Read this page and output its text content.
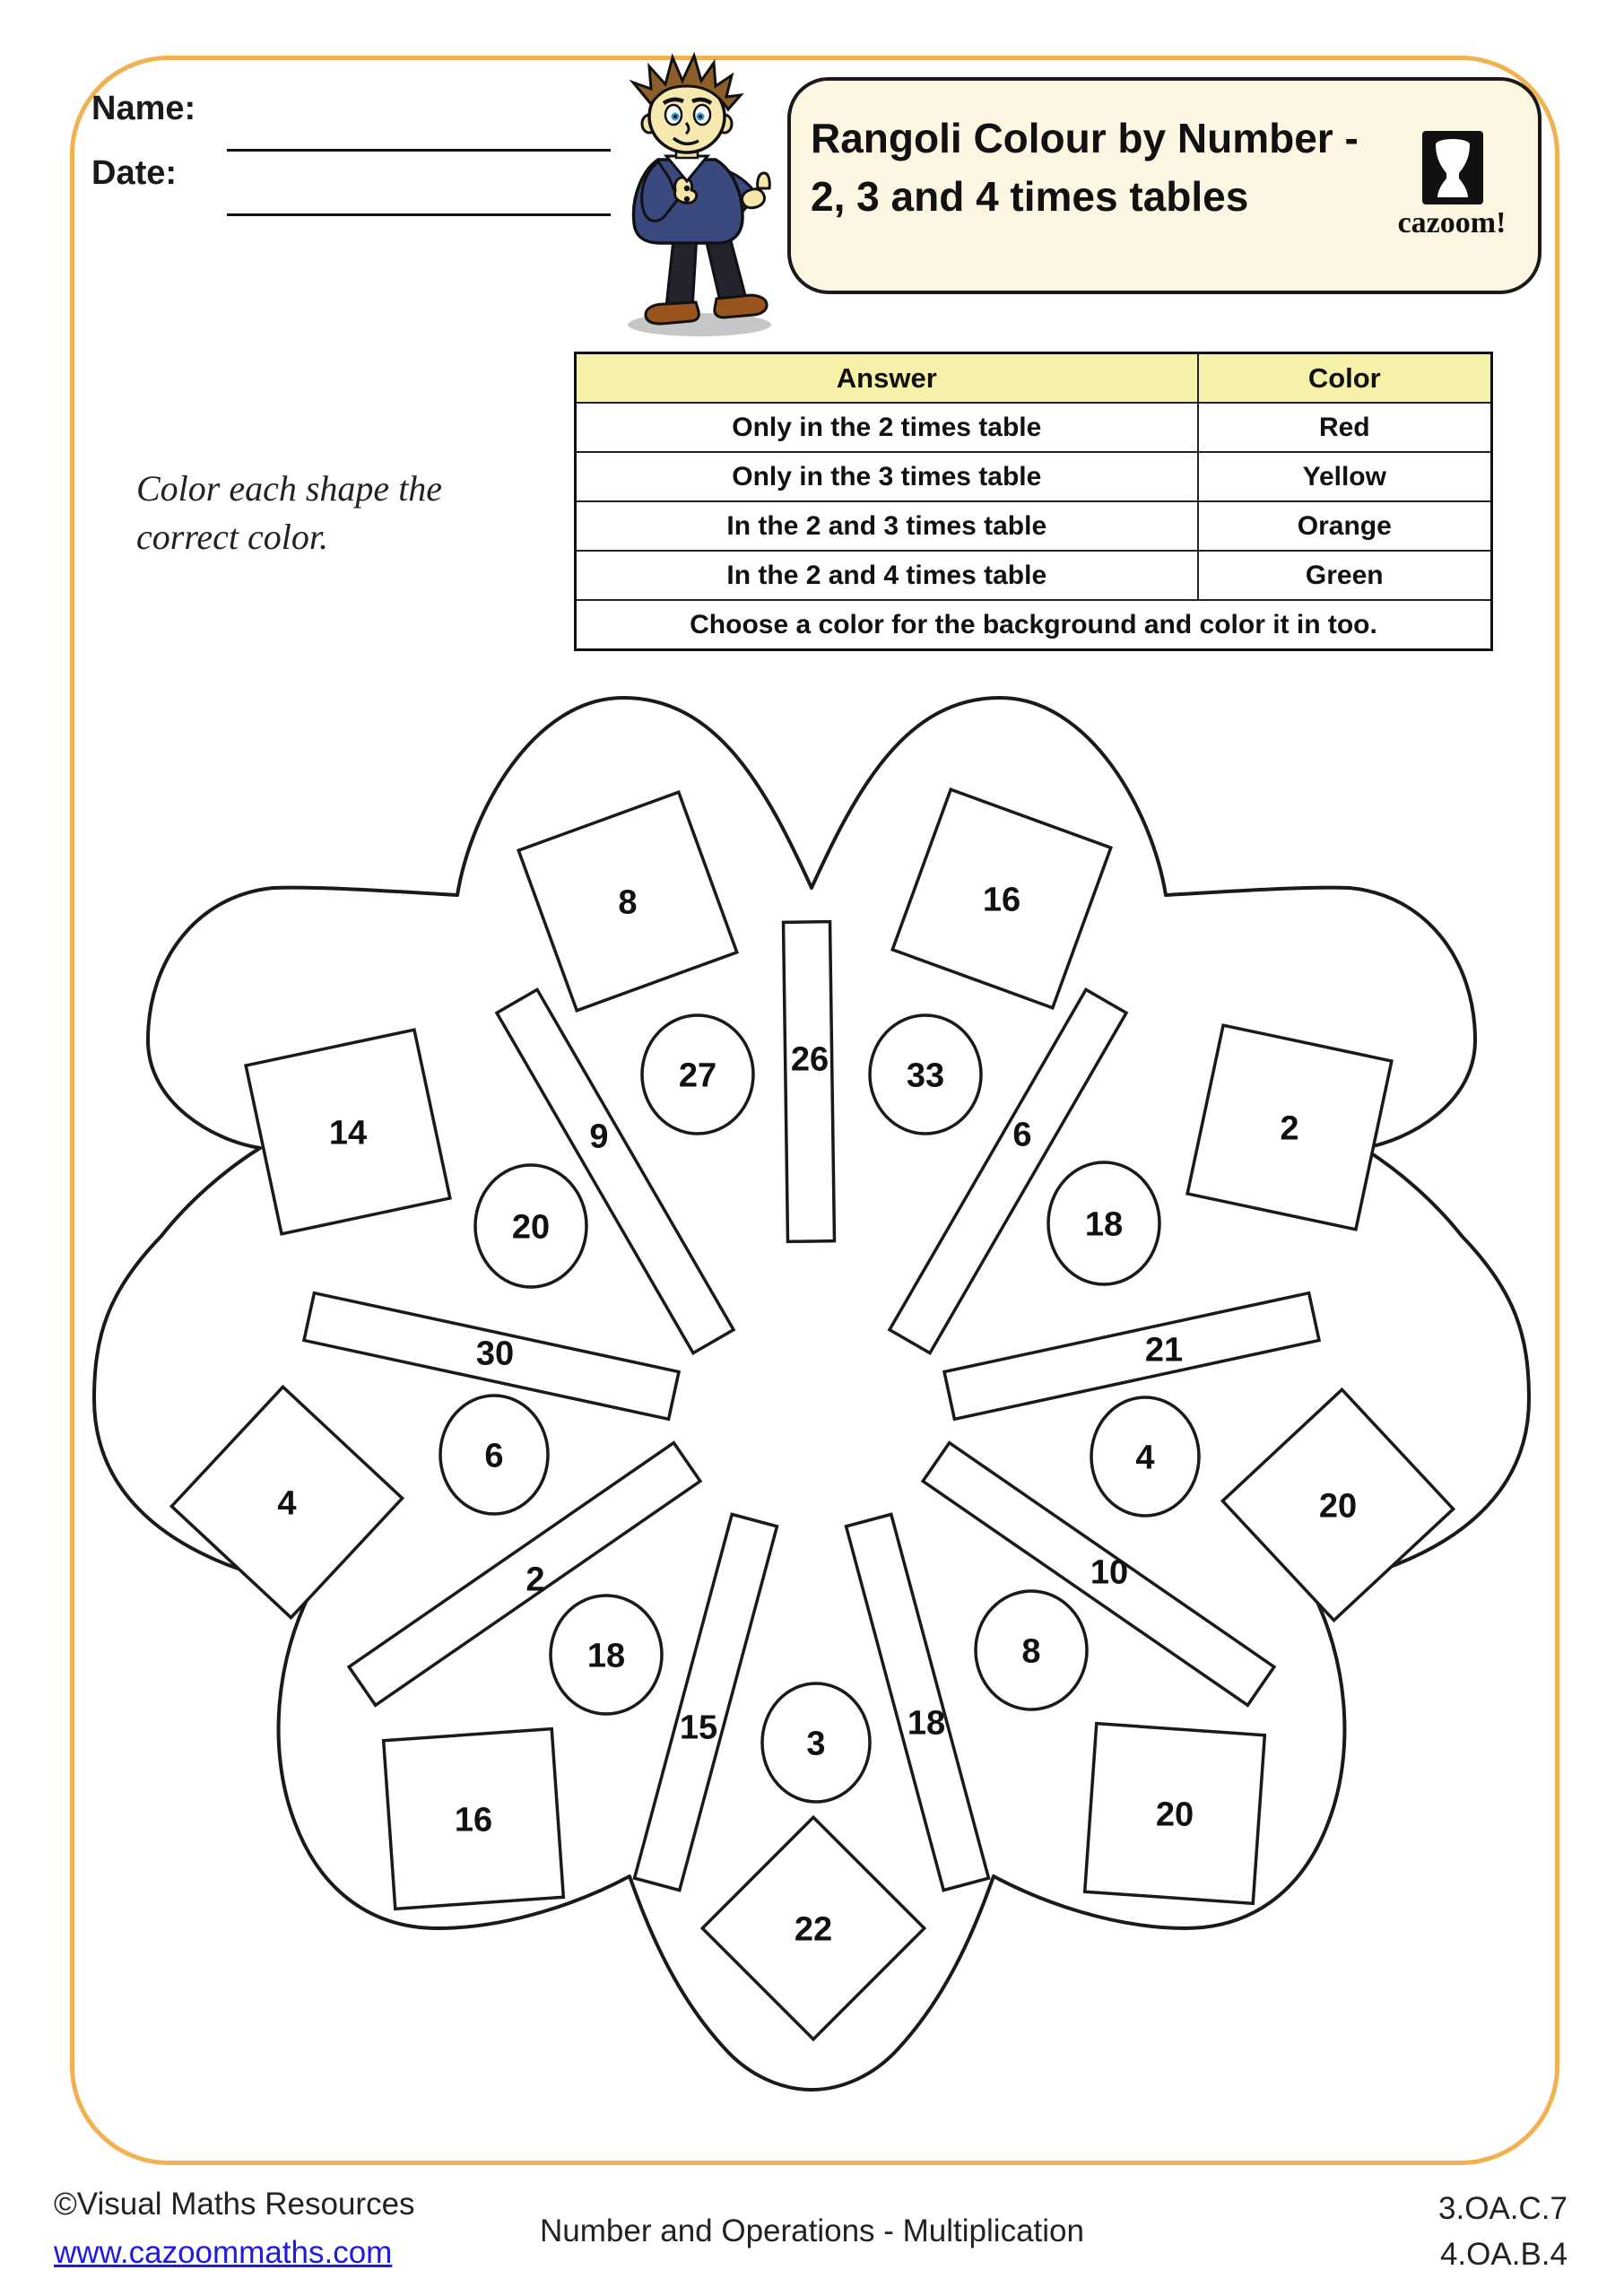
Name:
Date:
Rangoli Colour by Number -
2, 3 and 4 times tables
cazoom!
Color each shape the
correct color.
Answer	Color
Only in the 2 times table	Red
Only in the 3 times table	Yellow
In the 2 and 3 times table	Orange
In the 2 and 4 times table	Green
Choose a color for the background and color it in too.	
8	16
14	2
4	20
16	20
22
27	33
20	18
6	4
18	8
3
26
9	6
30	21
2	10
15	18
©Visual Maths Resources
www.cazoommaths.com
Number and Operations - Multiplication
3.OA.C.7
4.OA.B.4
